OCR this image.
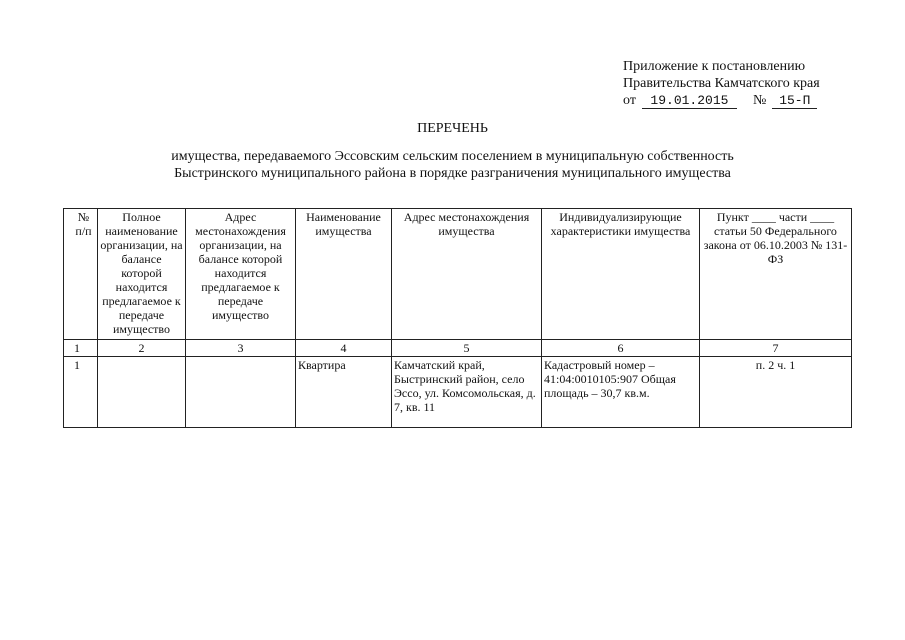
Приложение к постановлению
Правительства Камчатского края
от 19.01.2015 № 15-П
ПЕРЕЧЕНЬ
имущества, передаваемого Эссовским сельским поселением в муниципальную собственность
Быстринского муниципального района в порядке разграничения муниципального имущества
№ п/п	Полное наименование организации, на балансе которой находится предлагаемое к передаче имущество	Адрес местонахождения организации, на балансе которой находится предлагаемое к передаче имущество	Наименование имущества	Адрес местонахождения имущества	Индивидуализирующие характеристики имущества	Пункт ____ части ____ статьи 50 Федерального закона от 06.10.2003 № 131-ФЗ
1	2	3	4	5	6	7
1			Квартира	Камчатский край, Быстринский район, село Эссо, ул. Комсомольская, д. 7, кв. 11	Кадастровый номер – 41:04:0010105:907 Общая площадь – 30,7 кв.м.	п. 2 ч. 1
